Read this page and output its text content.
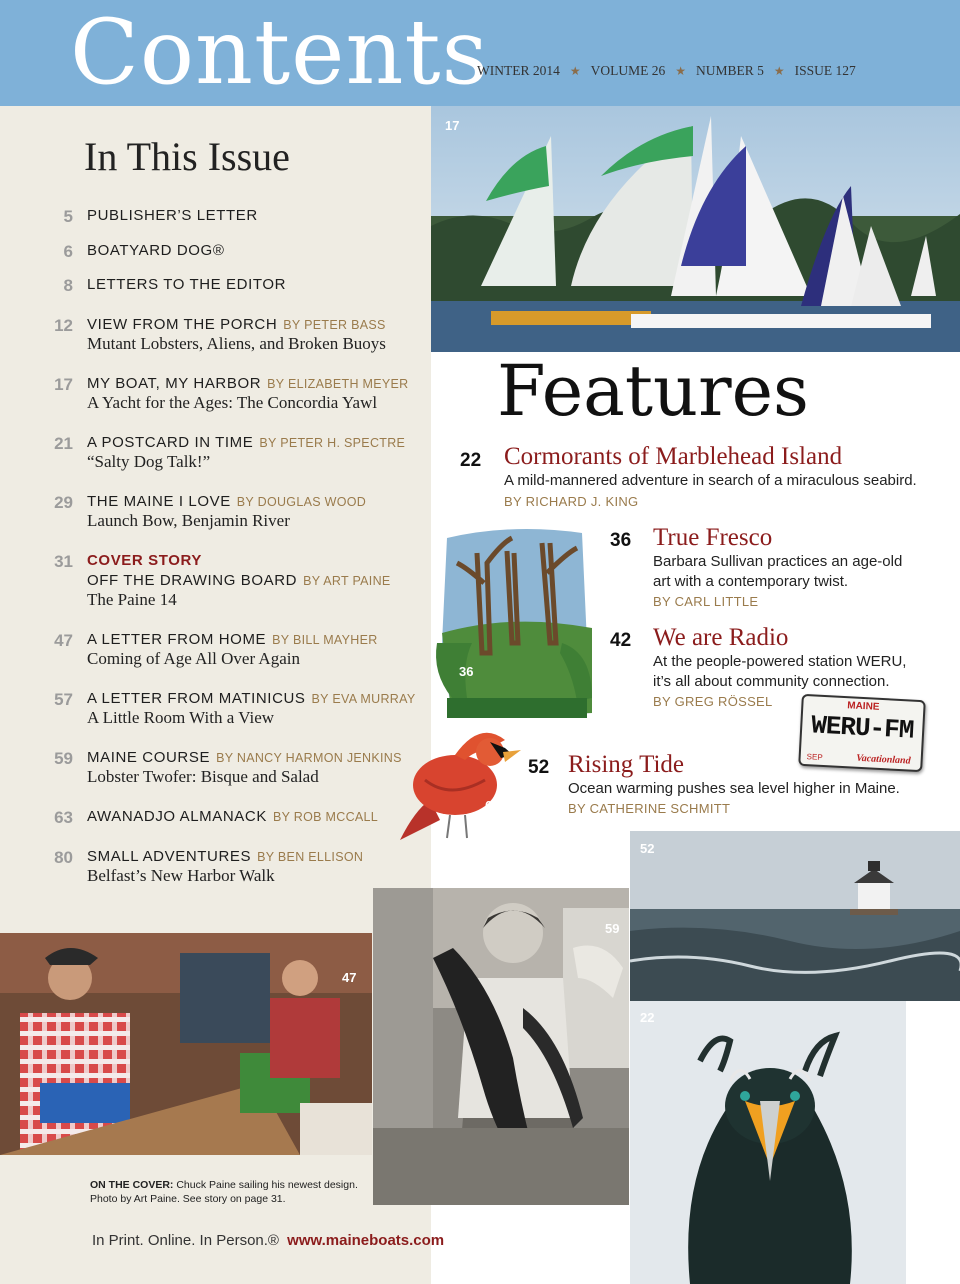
Contents
WINTER 2014 ★ VOLUME 26 ★ NUMBER 5 ★ ISSUE 127
In This Issue
5 PUBLISHER’S LETTER
6 BOATYARD DOG®
8 LETTERS TO THE EDITOR
12 VIEW FROM THE PORCH BY PETER BASS
Mutant Lobsters, Aliens, and Broken Buoys
17 MY BOAT, MY HARBOR BY ELIZABETH MEYER
A Yacht for the Ages: The Concordia Yawl
21 A POSTCARD IN TIME BY PETER H. SPECTRE
“Salty Dog Talk!”
29 THE MAINE I LOVE BY DOUGLAS WOOD
Launch Bow, Benjamin River
31 COVER STORY
OFF THE DRAWING BOARD BY ART PAINE
The Paine 14
47 A LETTER FROM HOME BY BILL MAYHER
Coming of Age All Over Again
57 A LETTER FROM MATINICUS BY EVA MURRAY
A Little Room With a View
59 MAINE COURSE BY NANCY HARMON JENKINS
Lobster Twofer: Bisque and Salad
63 AWANADJO ALMANACK BY ROB MCCALL
80 SMALL ADVENTURES BY BEN ELLISON
Belfast’s New Harbor Walk
17
Features
22 Cormorants of Marblehead Island
A mild-mannered adventure in search of a miraculous seabird.
BY RICHARD J. KING
36
36 True Fresco
Barbara Sullivan practices an age-old art with a contemporary twist.
BY CARL LITTLE
42 We are Radio
At the people-powered station WERU, it’s all about community connection.
BY GREG RÖSSEL	MAINE
WERU-FM
SEP	Vacationland
63
52 Rising Tide
Ocean warming pushes sea level higher in Maine.
BY CATHERINE SCHMITT
52
47
59
22
ON THE COVER: Chuck Paine sailing his newest design.
Photo by Art Paine. See story on page 31.
In Print. Online. In Person.® www.maineboats.com
